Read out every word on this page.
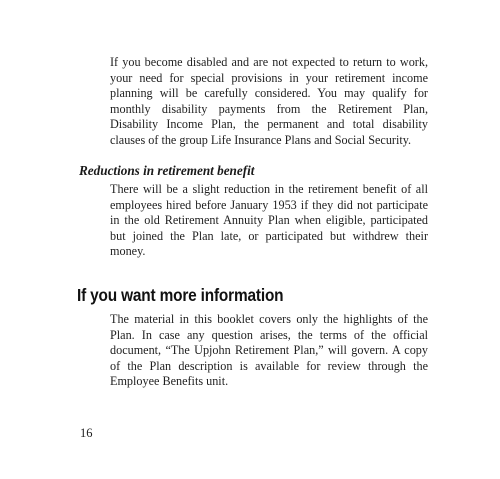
If you become disabled and are not expected to return to work, your need for special provisions in your retirement income planning will be carefully considered. You may qualify for monthly disability payments from the Retirement Plan, Disability Income Plan, the permanent and total disability clauses of the group Life Insurance Plans and Social Security.

Reductions in retirement benefit

There will be a slight reduction in the retirement benefit of all employees hired before January 1953 if they did not participate in the old Retirement Annuity Plan when eligible, participated but joined the Plan late, or participated but withdrew their money.

If you want more information

The material in this booklet covers only the highlights of the Plan. In case any question arises, the terms of the official document, “The Upjohn Retirement Plan,” will govern. A copy of the Plan description is available for review through the Employee Benefits unit.

16
